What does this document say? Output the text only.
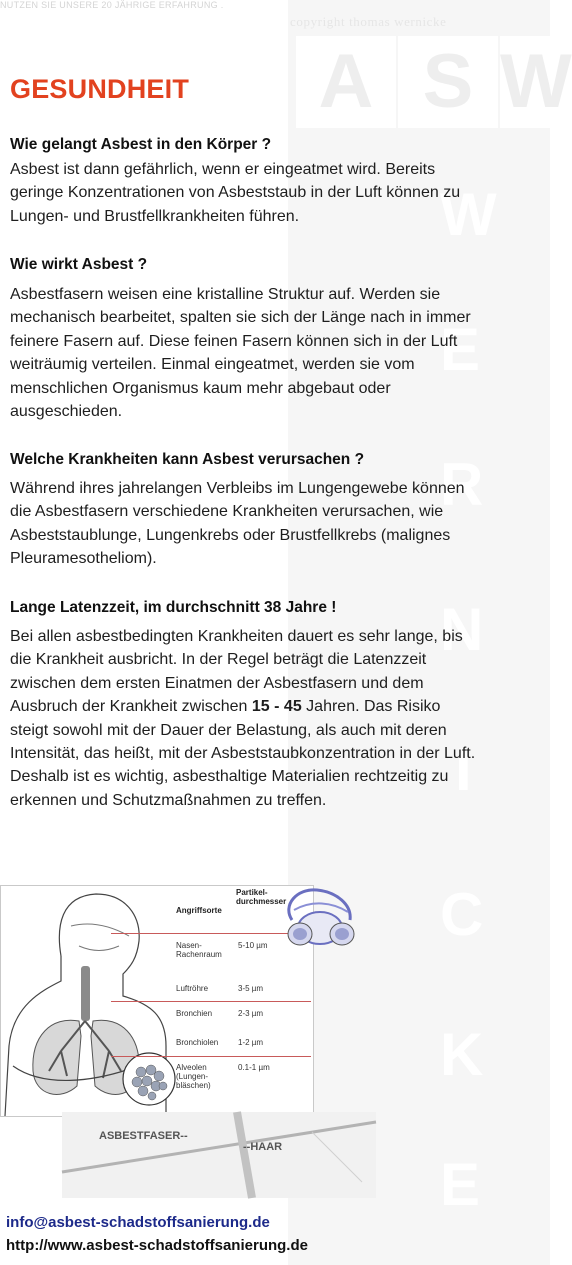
NUTZEN SIE UNSERE 20 JÄHRIGE ERFAHRUNG .
copyright thomas wernicke
A S W
W
E
R
N
I
C
K
E
GESUNDHEIT
Wie gelangt Asbest in den Körper ?

Asbest ist dann gefährlich, wenn er eingeatmet wird. Bereits geringe Konzentrationen von Asbeststaub in der Luft können zu Lungen- und Brustfellkrankheiten führen.

Wie wirkt Asbest ?

Asbestfasern weisen eine kristalline Struktur auf. Werden sie mechanisch bearbeitet, spalten sie sich der Länge nach in immer feinere Fasern auf. Diese feinen Fasern können sich in der Luft weiträumig verteilen. Einmal eingeatmet, werden sie vom menschlichen Organismus kaum mehr abgebaut oder ausgeschieden.

Welche Krankheiten kann Asbest verursachen ?

Während ihres jahrelangen Verbleibs im Lungengewebe können die Asbestfasern verschiedene Krankheiten verursachen, wie Asbeststaublunge, Lungenkrebs oder Brustfellkrebs (malignes Pleuramesotheliom).

Lange Latenzzeit, im durchschnitt 38 Jahre !

Bei allen asbestbedingten Krankheiten dauert es sehr lange, bis die Krankheit ausbricht. In der Regel beträgt die Latenzzeit zwischen dem ersten Einatmen der Asbestfasern und dem Ausbruch der Krankheit zwischen 15 - 45 Jahren. Das Risiko steigt sowohl mit der Dauer der Belastung, als auch mit deren Intensität, das heißt, mit der Asbeststaubkonzentration in der Luft. Deshalb ist es wichtig, asbesthaltige Materialien rechtzeitig zu erkennen und Schutzmaßnahmen zu treffen.

Angriffsorte
Partikel-
durchmesser
Nasen-
Rachenraum
5-10 µm
Luftröhre	3-5 µm
Bronchien	2-3 µm
Bronchiolen 1-2 µm
Alveolen
(Lungen-
bläschen)
0.1-1 µm
ASBESTFASER--
--HAAR
info@asbest-schadstoffsanierung.de
http://www.asbest-schadstoffsanierung.de
